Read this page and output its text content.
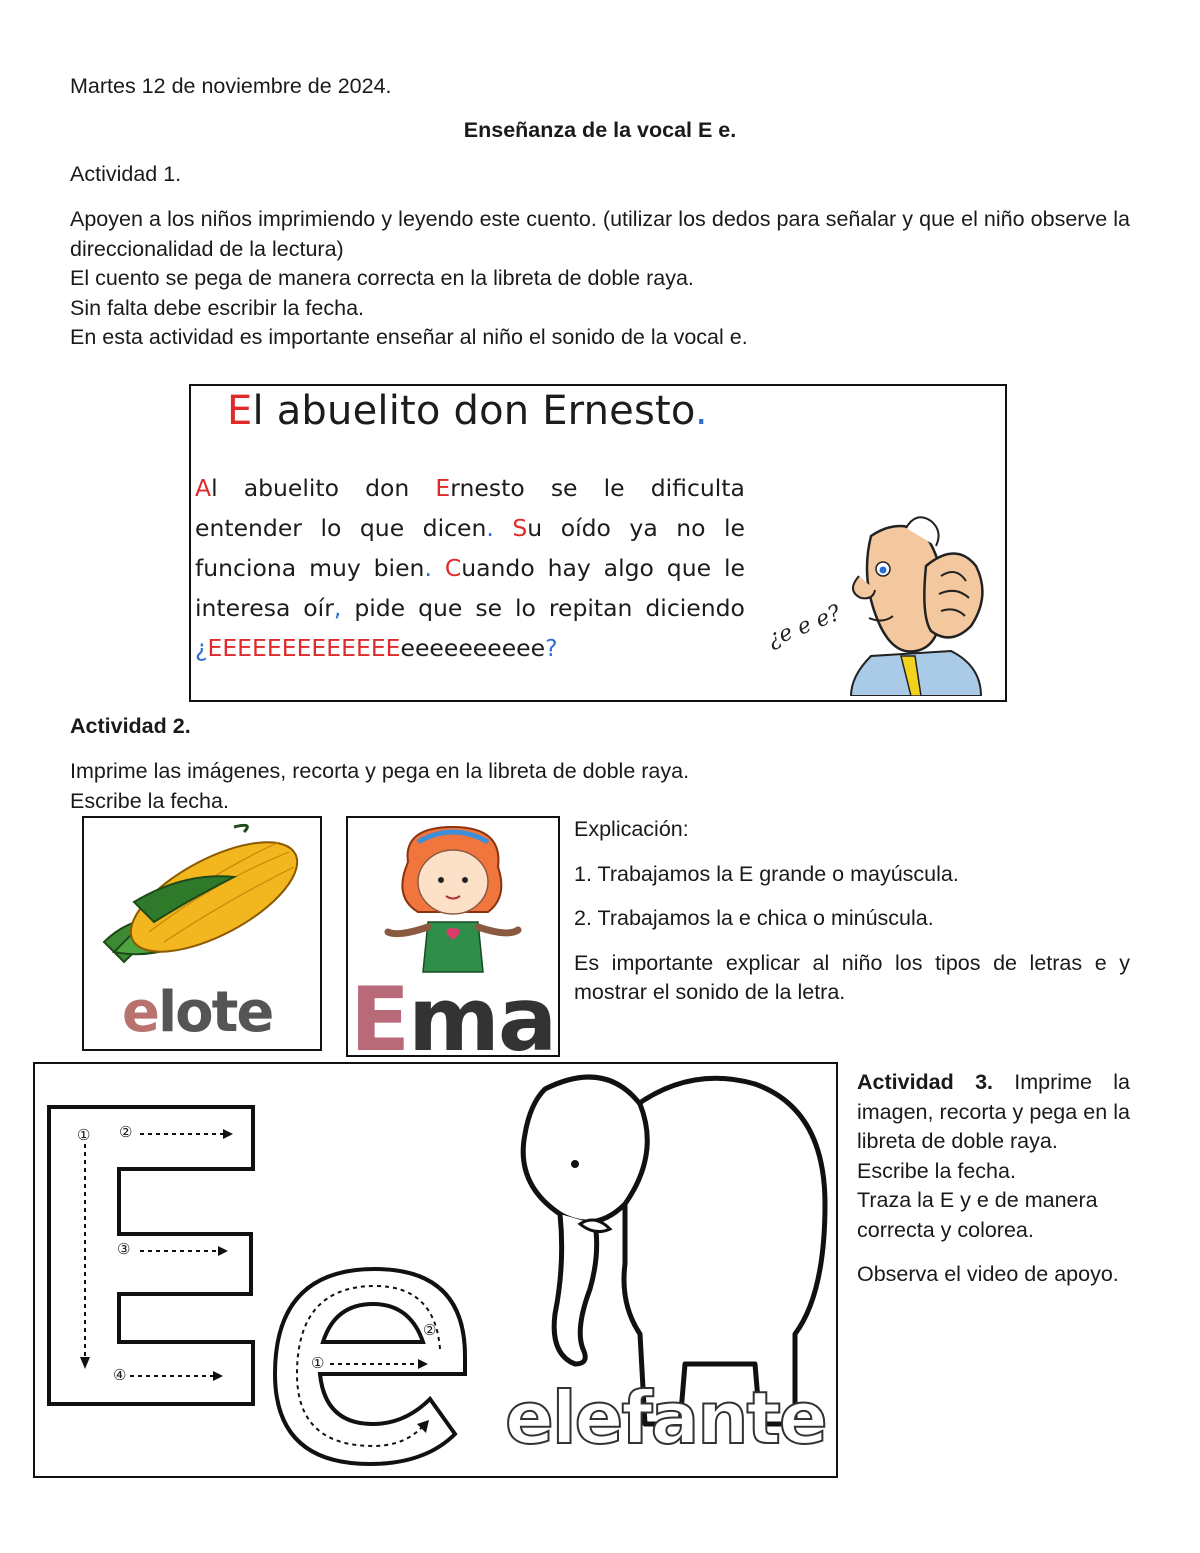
Martes 12 de noviembre de 2024.

Enseñanza de la vocal E e.

Actividad 1.

Apoyen a los niños imprimiendo y leyendo este cuento. (utilizar los dedos para señalar y que el niño observe la direccionalidad de la lectura)

El cuento se pega de manera correcta en la libreta de doble raya.

Sin falta debe escribir la fecha.

En esta actividad es importante enseñar al niño el sonido de la vocal e.

El abuelito don Ernesto.
Al abuelito don Ernesto se le dificulta
entender lo que dicen. Su oído ya no le
funciona muy bien. Cuando hay algo que le
interesa oír, pide que se lo repitan diciendo
¿ EEEEEEEEEEEEE eeeeeeeeee ?	¿e e e?

Actividad 2.

Imprime las imágenes, recorta y pega en la libreta de doble raya.

Escribe la fecha.

elote Ema

Explicación:

1. Trabajamos la E grande o mayúscula.

2. Trabajamos la e chica o minúscula.

Es importante explicar al niño los tipos de letras e y mostrar el sonido de la letra.

① ②
③
④
①
②
elefante

Actividad 3. Imprime la imagen, recorta y pega en la libreta de doble raya.

Escribe la fecha.

Traza la E y e de manera correcta y colorea.

Observa el video de apoyo.
